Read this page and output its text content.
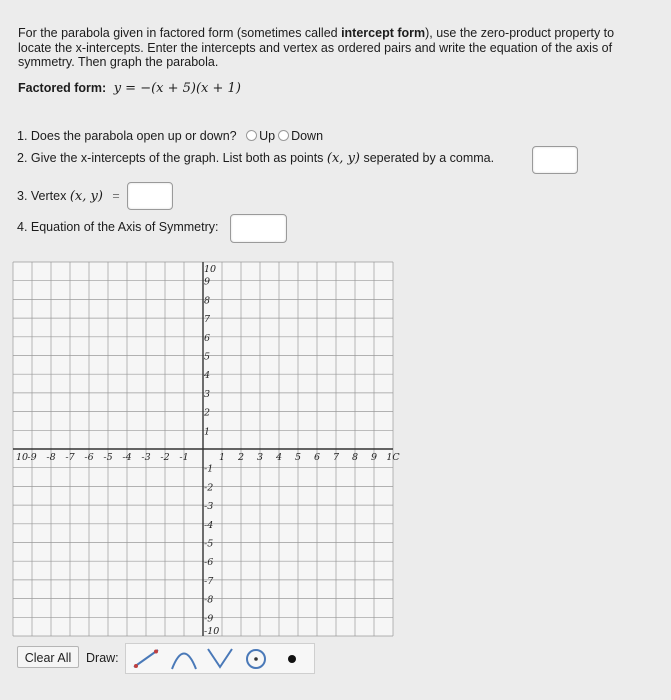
For the parabola given in factored form (sometimes called intercept form), use the zero-product property to locate the x-intercepts. Enter the intercepts and vertex as ordered pairs and write the equation of the axis of symmetry. Then graph the parabola.
Factored form: y = −(x + 5)(x + 1)
1. Does the parabola open up or down? Up Down
2. Give the x-intercepts of the graph. List both as points (x, y) seperated by a comma.
3. Vertex (x, y) =
4. Equation of the Axis of Symmetry:
10 -9 -8 -7 -6 -5 -4 -3 -2 -1	1 2 3 4 5 6 7 8 9 1C
10
9
8
7
6
5
4
3
2
1
-1
-2
-3
-4
-5
-6
-7
-8
-9
-10
Clear All	Draw:
